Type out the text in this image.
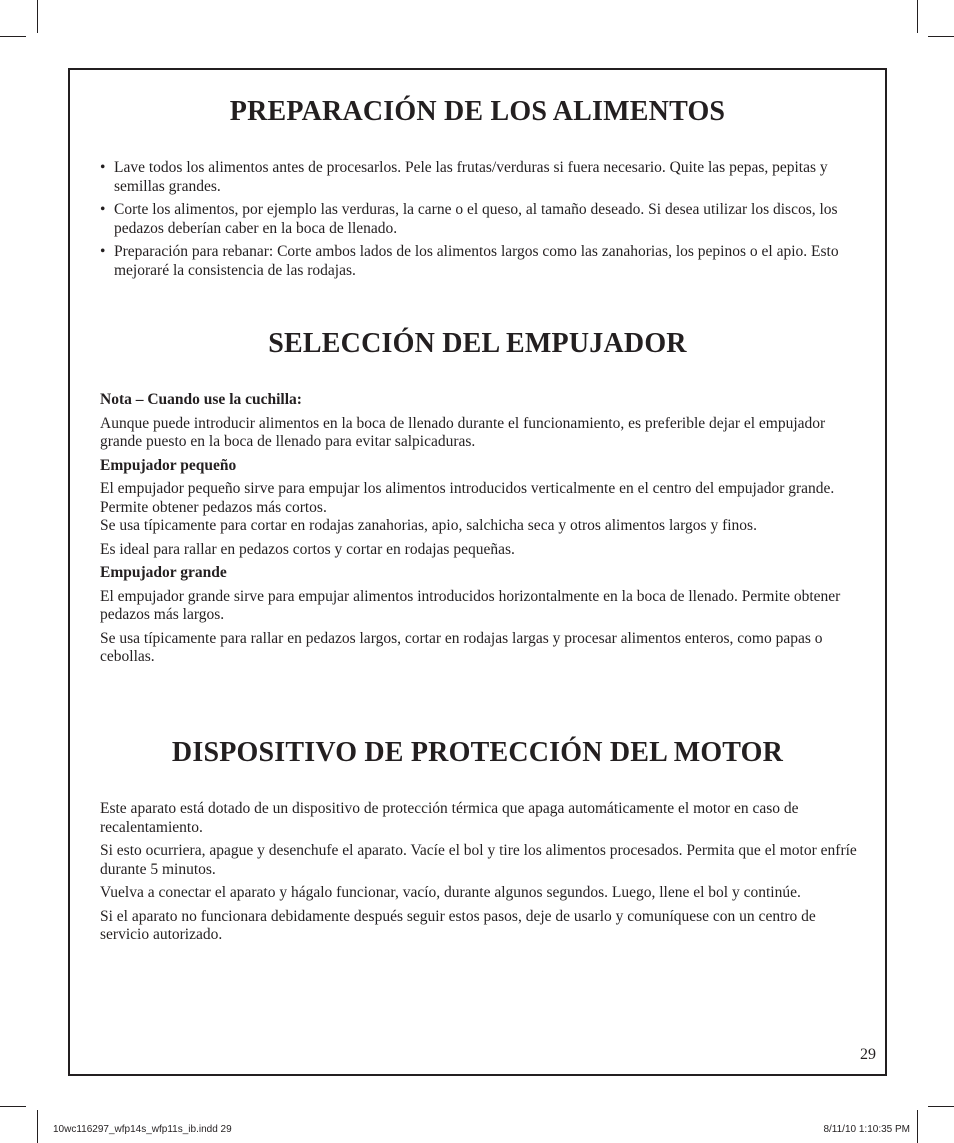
PREPARACIÓN DE LOS ALIMENTOS
• Lave todos los alimentos antes de procesarlos. Pele las frutas/verduras si fuera necesario. Quite las pepas, pepitas y semillas grandes.
• Corte los alimentos, por ejemplo las verduras, la carne o el queso, al tamaño deseado. Si desea utilizar los discos, los pedazos deberían caber en la boca de llenado.
• Preparación para rebanar: Corte ambos lados de los alimentos largos como las zanahorias, los pepinos o el apio. Esto mejoraré la consistencia de las rodajas.
SELECCIÓN DEL EMPUJADOR

Nota – Cuando use la cuchilla:

Aunque puede introducir alimentos en la boca de llenado durante el funcionamiento, es preferible dejar el empujador grande puesto en la boca de llenado para evitar salpicaduras.

Empujador pequeño

El empujador pequeño sirve para empujar los alimentos introducidos verticalmente en el centro del empujador grande. Permite obtener pedazos más cortos.

Se usa típicamente para cortar en rodajas zanahorias, apio, salchicha seca y otros alimentos largos y finos.

Es ideal para rallar en pedazos cortos y cortar en rodajas pequeñas.

Empujador grande

El empujador grande sirve para empujar alimentos introducidos horizontalmente en la boca de llenado. Permite obtener pedazos más largos.

Se usa típicamente para rallar en pedazos largos, cortar en rodajas largas y procesar alimentos enteros, como papas o cebollas.

DISPOSITIVO DE PROTECCIÓN DEL MOTOR

Este aparato está dotado de un dispositivo de protección térmica que apaga automáticamente el motor en caso de recalentamiento.

Si esto ocurriera, apague y desenchufe el aparato. Vacíe el bol y tire los alimentos procesados. Permita que el motor enfríe durante 5 minutos.

Vuelva a conectar el aparato y hágalo funcionar, vacío, durante algunos segundos. Luego, llene el bol y continúe.

Si el aparato no funcionara debidamente después seguir estos pasos, deje de usarlo y comuníquese con un centro de servicio autorizado.

29
10wc116297_wfp14s_wfp11s_ib.indd 29	8/11/10 1:10:35 PM
